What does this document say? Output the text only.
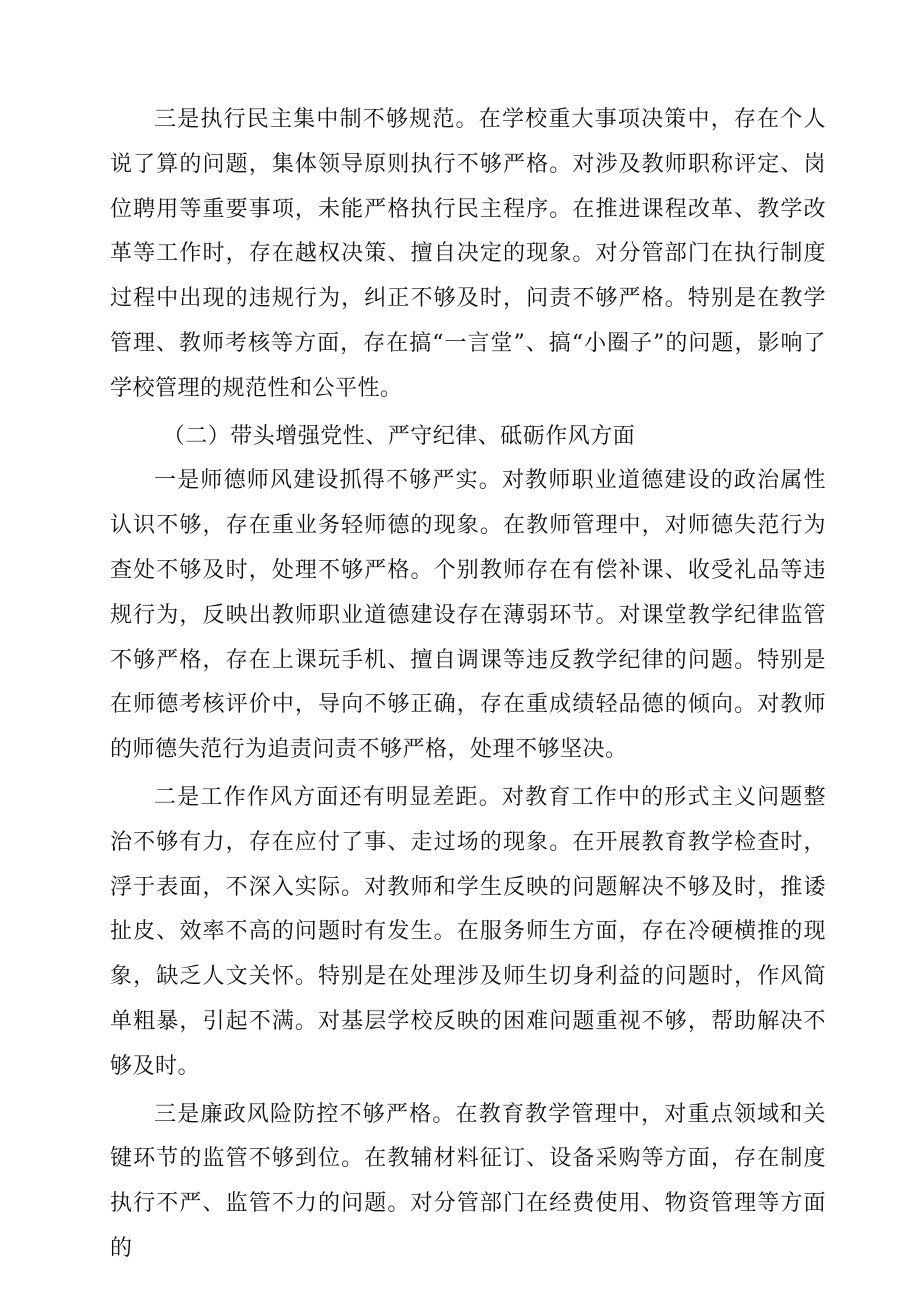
三是执行民主集中制不够规范。在学校重大事项决策中，存在个人说了算的问题，集体领导原则执行不够严格。对涉及教师职称评定、岗位聘用等重要事项，未能严格执行民主程序。在推进课程改革、教学改革等工作时，存在越权决策、擅自决定的现象。对分管部门在执行制度过程中出现的违规行为，纠正不够及时，问责不够严格。特别是在教学管理、教师考核等方面，存在搞“一言堂”、搞“小圈子”的问题，影响了学校管理的规范性和公平性。

（二）带头增强党性、严守纪律、砥砺作风方面

一是师德师风建设抓得不够严实。对教师职业道德建设的政治属性认识不够，存在重业务轻师德的现象。在教师管理中，对师德失范行为查处不够及时，处理不够严格。个别教师存在有偿补课、收受礼品等违规行为，反映出教师职业道德建设存在薄弱环节。对课堂教学纪律监管不够严格，存在上课玩手机、擅自调课等违反教学纪律的问题。特别是在师德考核评价中，导向不够正确，存在重成绩轻品德的倾向。对教师的师德失范行为追责问责不够严格，处理不够坚决。

二是工作作风方面还有明显差距。对教育工作中的形式主义问题整治不够有力，存在应付了事、走过场的现象。在开展教育教学检查时，浮于表面，不深入实际。对教师和学生反映的问题解决不够及时，推诿扯皮、效率不高的问题时有发生。在服务师生方面，存在冷硬横推的现象，缺乏人文关怀。特别是在处理涉及师生切身利益的问题时，作风简单粗暴，引起不满。对基层学校反映的困难问题重视不够，帮助解决不够及时。

三是廉政风险防控不够严格。在教育教学管理中，对重点领域和关键环节的监管不够到位。在教辅材料征订、设备采购等方面，存在制度执行不严、监管不力的问题。对分管部门在经费使用、物资管理等方面的
